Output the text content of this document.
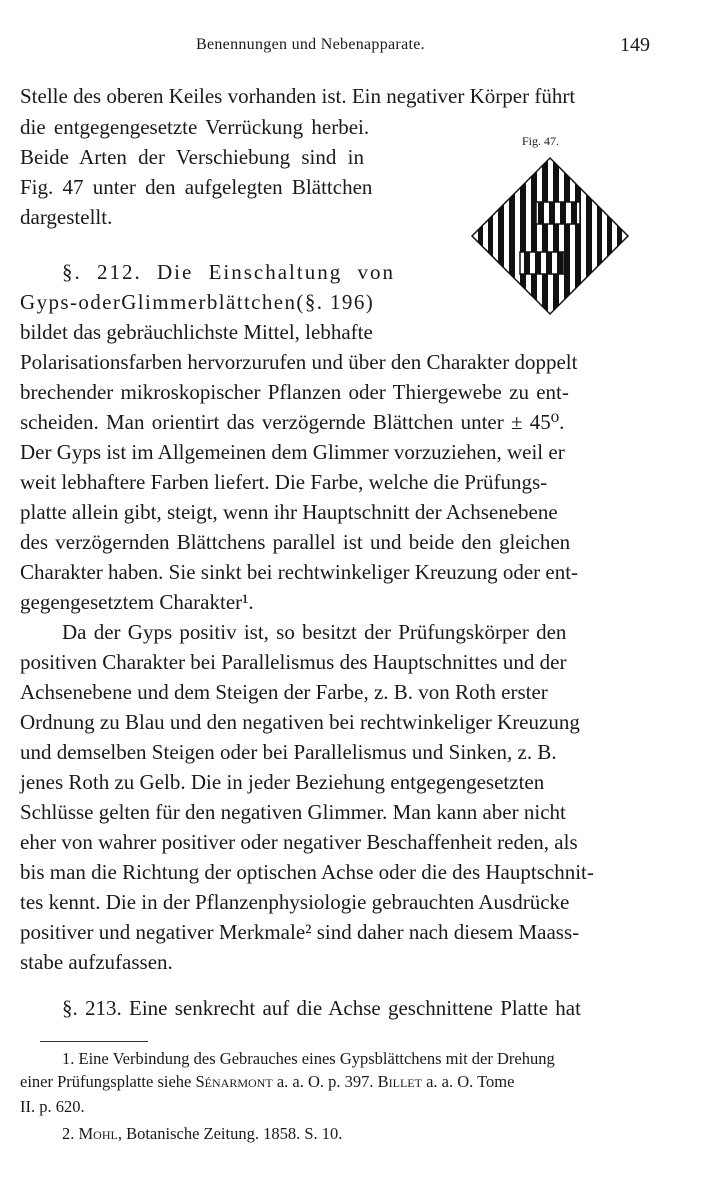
Benennungen und Nebenapparate.	149
Fig. 47.
Stelle des oberen Keiles vorhanden ist. Ein negativer Körper führt
die entgegengesetzte Verrückung herbei.
Beide Arten der Verschiebung sind in
Fig. 47 unter den aufgelegten Blättchen
dargestellt.
§. 212. Die Einschaltung von
Gyps-oderGlimmerblättchen(§. 196)
bildet das gebräuchlichste Mittel, lebhafte
Polarisationsfarben hervorzurufen und über den Charakter doppelt
brechender mikroskopischer Pflanzen oder Thiergewebe zu ent-
scheiden. Man orientirt das verzögernde Blättchen unter ± 45⁰.
Der Gyps ist im Allgemeinen dem Glimmer vorzuziehen, weil er
weit lebhaftere Farben liefert. Die Farbe, welche die Prüfungs-
platte allein gibt, steigt, wenn ihr Hauptschnitt der Achsenebene
des verzögernden Blättchens parallel ist und beide den gleichen
Charakter haben. Sie sinkt bei rechtwinkeliger Kreuzung oder ent-
gegengesetztem Charakter¹.
Da der Gyps positiv ist, so besitzt der Prüfungskörper den
positiven Charakter bei Parallelismus des Hauptschnittes und der
Achsenebene und dem Steigen der Farbe, z. B. von Roth erster
Ordnung zu Blau und den negativen bei rechtwinkeliger Kreuzung
und demselben Steigen oder bei Parallelismus und Sinken, z. B.
jenes Roth zu Gelb. Die in jeder Beziehung entgegengesetzten
Schlüsse gelten für den negativen Glimmer. Man kann aber nicht
eher von wahrer positiver oder negativer Beschaffenheit reden, als
bis man die Richtung der optischen Achse oder die des Hauptschnit-
tes kennt. Die in der Pflanzenphysiologie gebrauchten Ausdrücke
positiver und negativer Merkmale² sind daher nach diesem Maass-
stabe aufzufassen.
§. 213. Eine senkrecht auf die Achse geschnittene Platte hat
1. Eine Verbindung des Gebrauches eines Gypsblättchens mit der Drehung
einer Prüfungsplatte siehe Sénarmont a. a. O. p. 397. Billet a. a. O. Tome
II. p. 620.
2. Mohl, Botanische Zeitung. 1858. S. 10.
